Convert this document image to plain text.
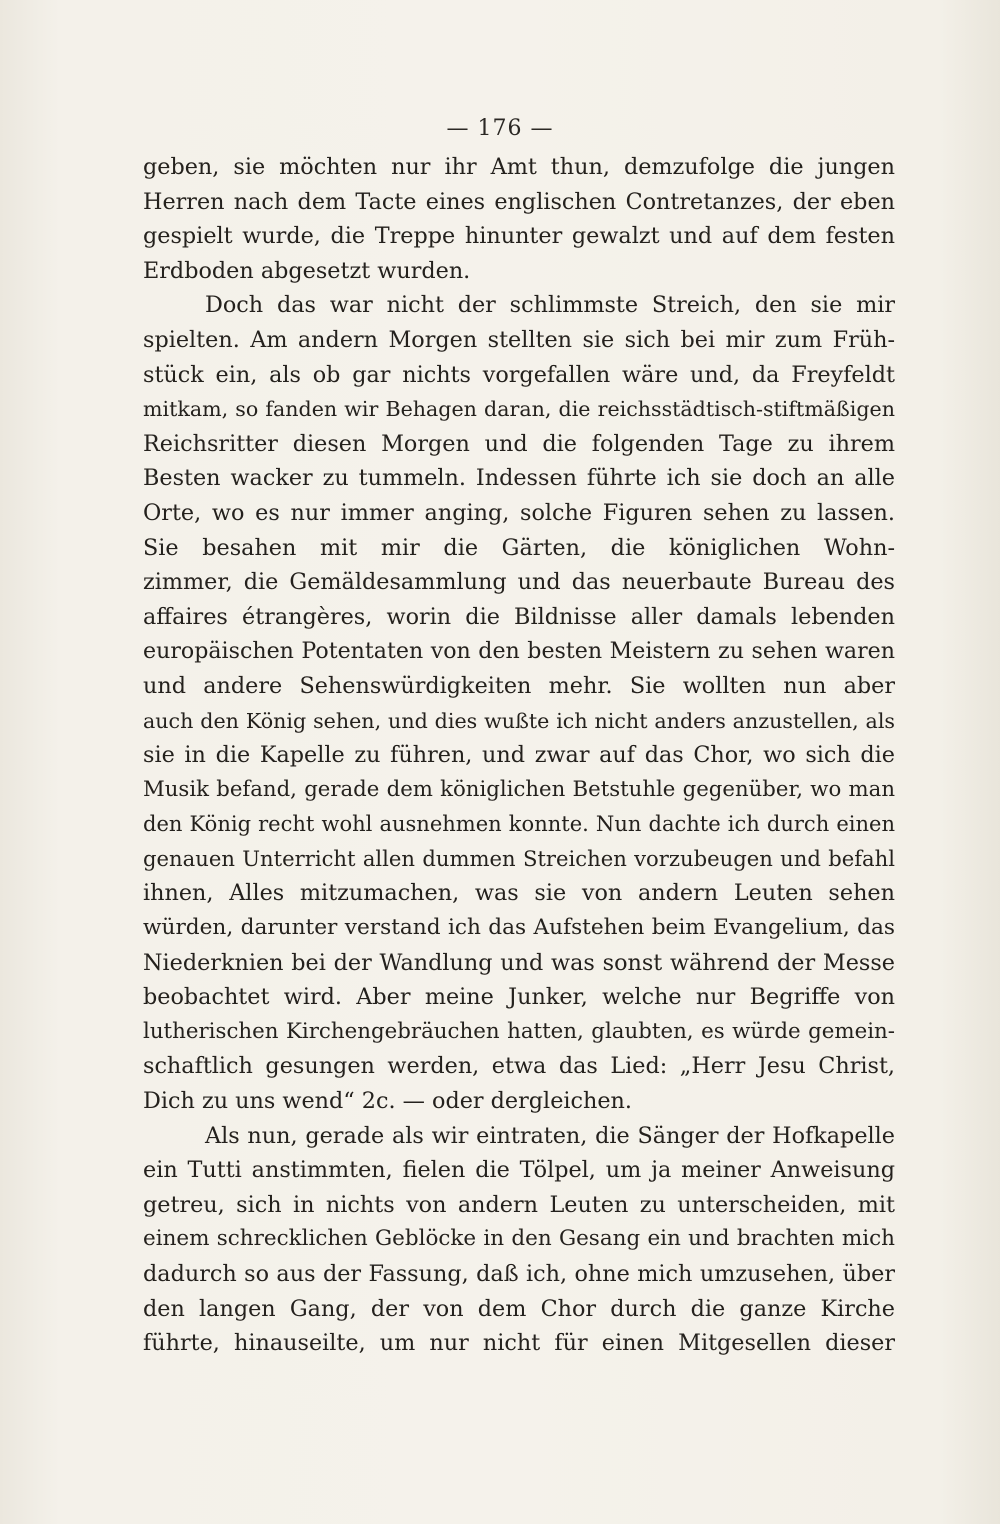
— 176 —
geben, sie möchten nur ihr Amt thun, demzufolge die jungen
Herren nach dem Tacte eines englischen Contretanzes, der eben
gespielt wurde, die Treppe hinunter gewalzt und auf dem festen
Erdboden abgesetzt wurden.
Doch das war nicht der schlimmste Streich, den sie mir
spielten. Am andern Morgen stellten sie sich bei mir zum Früh-
stück ein, als ob gar nichts vorgefallen wäre und, da Freyfeldt
mitkam, so fanden wir Behagen daran, die reichsstädtisch-stiftmäßigen
Reichsritter diesen Morgen und die folgenden Tage zu ihrem
Besten wacker zu tummeln. Indessen führte ich sie doch an alle
Orte, wo es nur immer anging, solche Figuren sehen zu lassen.
Sie besahen mit mir die Gärten, die königlichen Wohn-
zimmer, die Gemäldesammlung und das neuerbaute Bureau des
affaires étrangères, worin die Bildnisse aller damals lebenden
europäischen Potentaten von den besten Meistern zu sehen waren
und andere Sehenswürdigkeiten mehr. Sie wollten nun aber
auch den König sehen, und dies wußte ich nicht anders anzustellen, als
sie in die Kapelle zu führen, und zwar auf das Chor, wo sich die
Musik befand, gerade dem königlichen Betstuhle gegenüber, wo man
den König recht wohl ausnehmen konnte. Nun dachte ich durch einen
genauen Unterricht allen dummen Streichen vorzubeugen und befahl
ihnen, Alles mitzumachen, was sie von andern Leuten sehen
würden, darunter verstand ich das Aufstehen beim Evangelium, das
Niederknien bei der Wandlung und was sonst während der Messe
beobachtet wird. Aber meine Junker, welche nur Begriffe von
lutherischen Kirchengebräuchen hatten, glaubten, es würde gemein-
schaftlich gesungen werden, etwa das Lied: „Herr Jesu Christ,
Dich zu uns wend“ 2c. — oder dergleichen.
Als nun, gerade als wir eintraten, die Sänger der Hofkapelle
ein Tutti anstimmten, fielen die Tölpel, um ja meiner Anweisung
getreu, sich in nichts von andern Leuten zu unterscheiden, mit
einem schrecklichen Geblöcke in den Gesang ein und brachten mich
dadurch so aus der Fassung, daß ich, ohne mich umzusehen, über
den langen Gang, der von dem Chor durch die ganze Kirche
führte, hinauseilte, um nur nicht für einen Mitgesellen dieser
